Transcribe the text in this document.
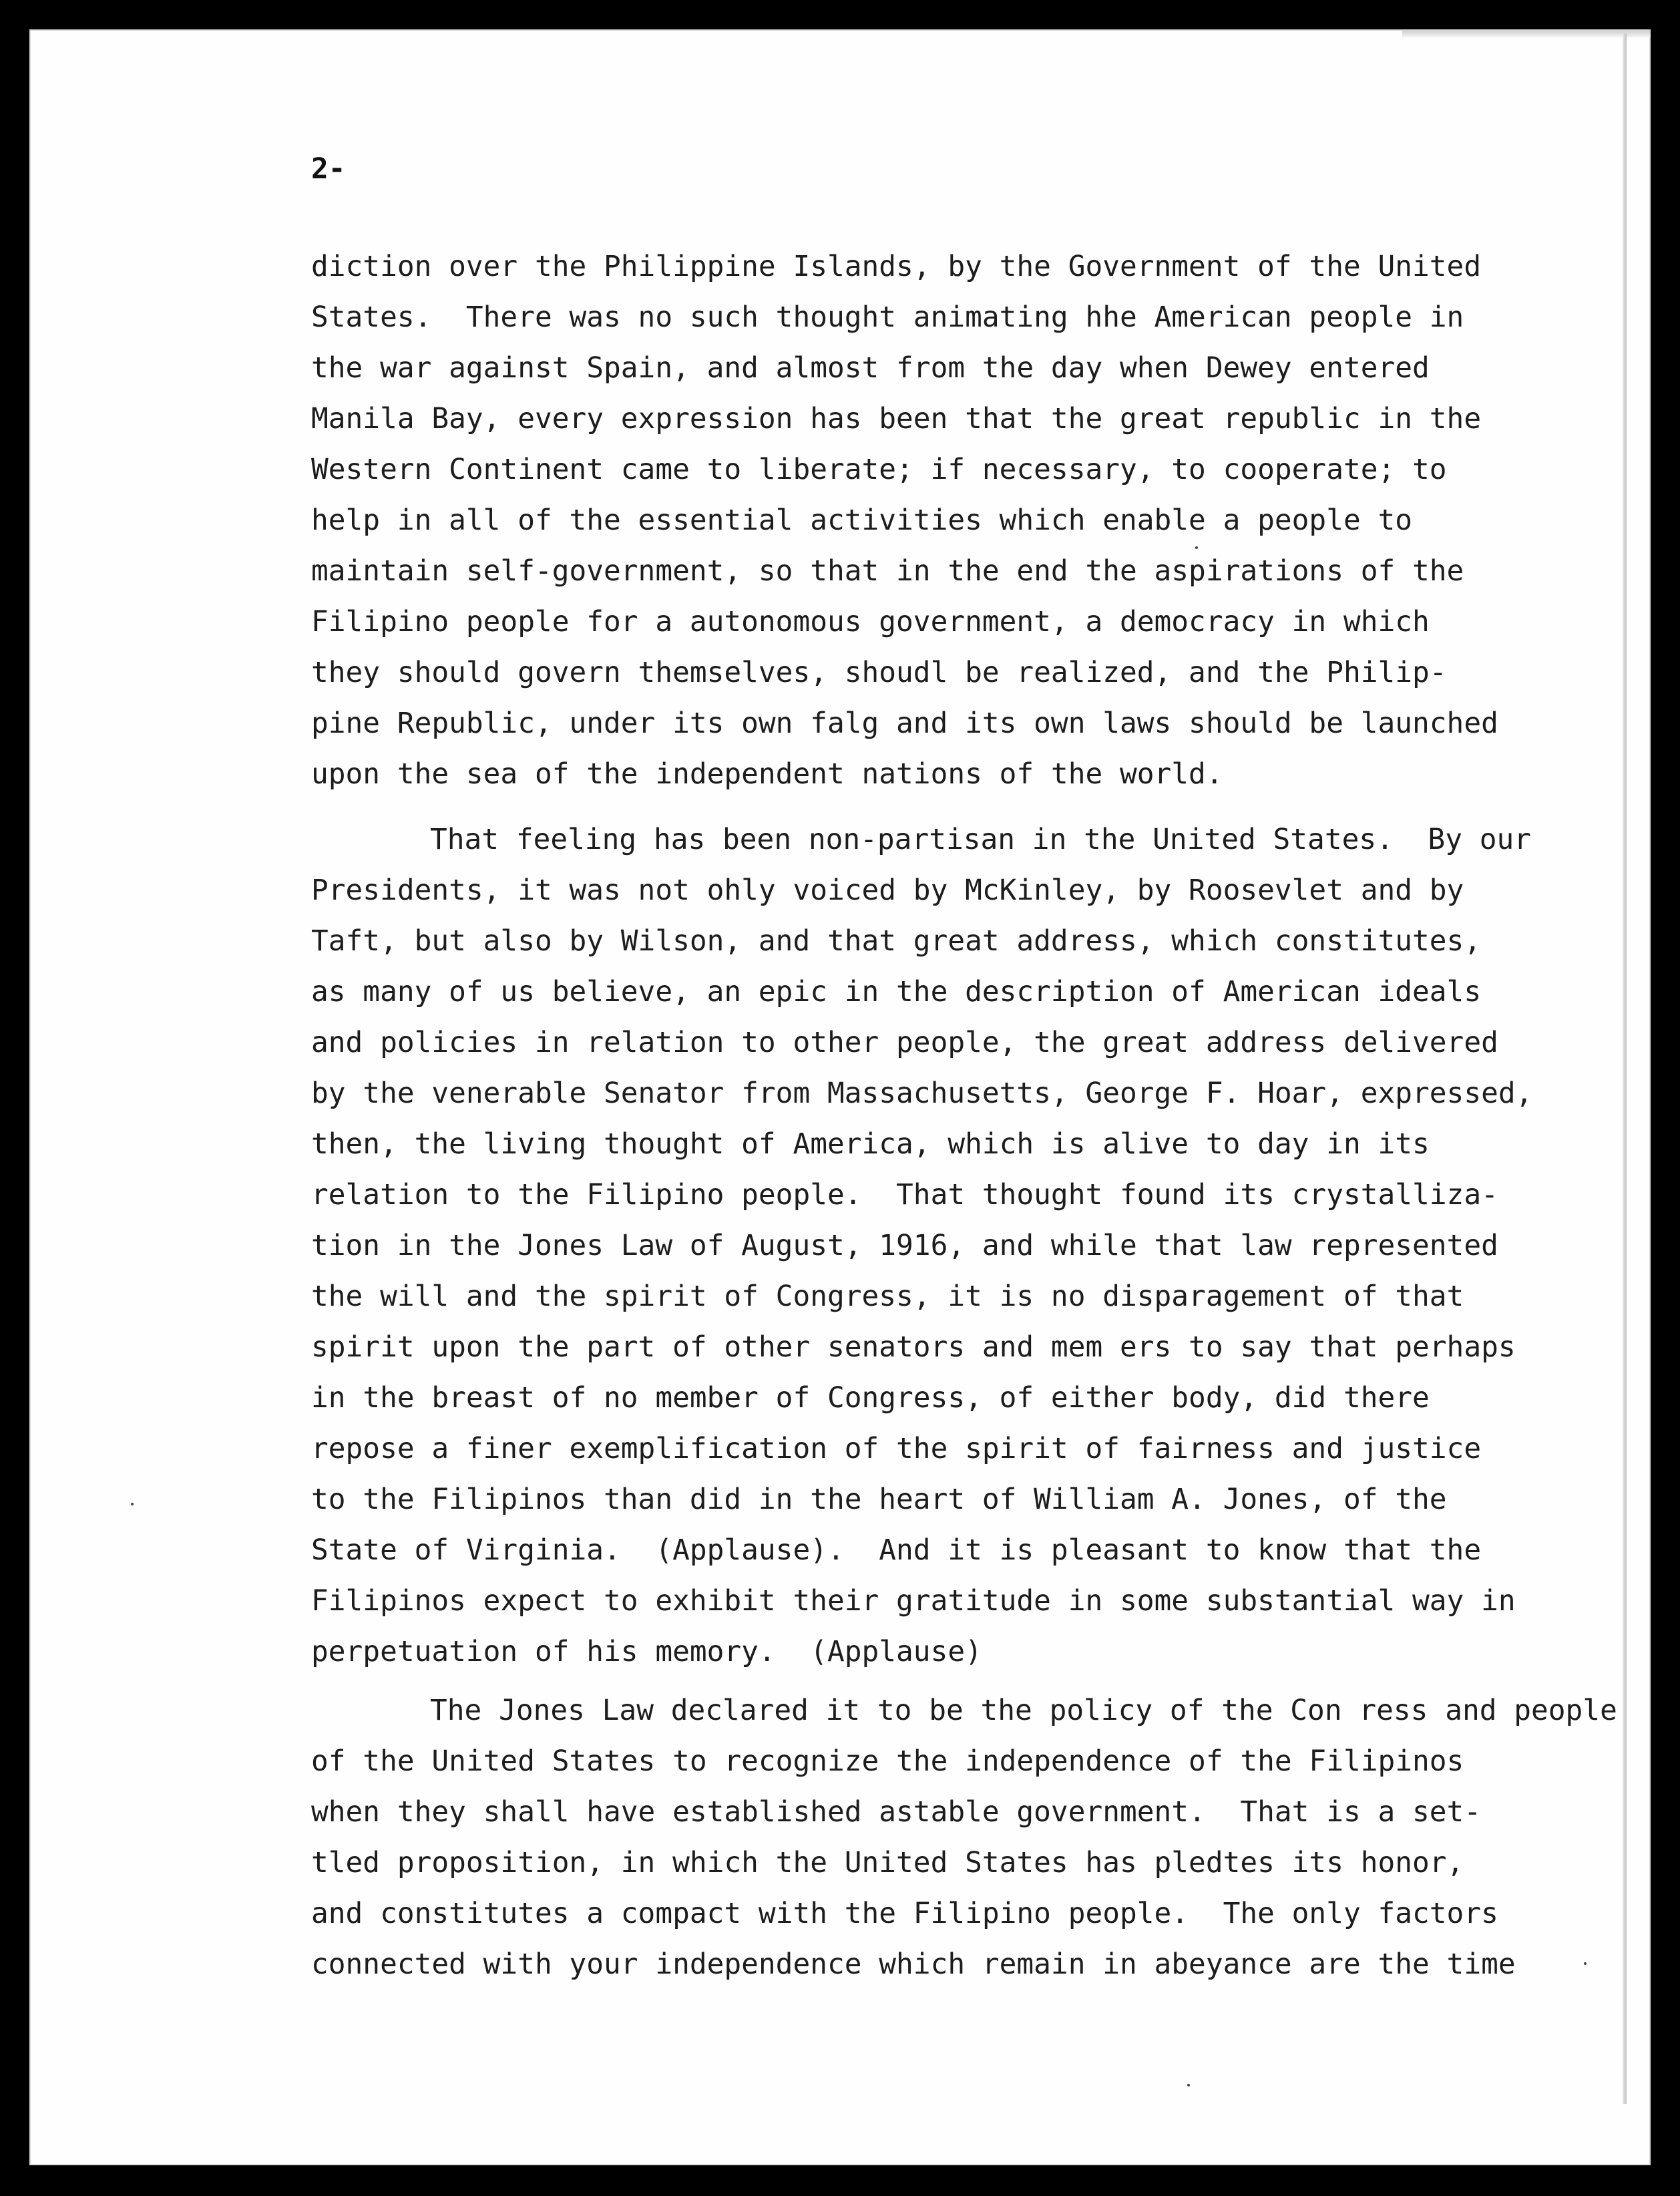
2-

diction over the Philippine Islands, by the Government of the United

States.  There was no such thought animating hhe American people in

the war against Spain, and almost from the day when Dewey entered

Manila Bay, every expression has been that the great republic in the

Western Continent came to liberate; if necessary, to cooperate; to

help in all of the essential activities which enable a people to

maintain self-government, so that in the end the aspirations of the

Filipino people for a autonomous government, a democracy in which

they should govern themselves, shoudl be realized, and the Philip-

pine Republic, under its own falg and its own laws should be launched

upon the sea of the independent nations of the world.

That feeling has been non-partisan in the United States.  By our

Presidents, it was not ohly voiced by McKinley, by Roosevlet and by

Taft, but also by Wilson, and that great address, which constitutes,

as many of us believe, an epic in the description of American ideals

and policies in relation to other people, the great address delivered

by the venerable Senator from Massachusetts, George F. Hoar, expressed,

then, the living thought of America, which is alive to day in its

relation to the Filipino people.  That thought found its crystalliza-

tion in the Jones Law of August, 1916, and while that law represented

the will and the spirit of Congress, it is no disparagement of that

spirit upon the part of other senators and mem ers to say that perhaps

in the breast of no member of Congress, of either body, did there

repose a finer exemplification of the spirit of fairness and justice

to the Filipinos than did in the heart of William A. Jones, of the

State of Virginia.  (Applause).  And it is pleasant to know that the

Filipinos expect to exhibit their gratitude in some substantial way in

perpetuation of his memory.  (Applause)

The Jones Law declared it to be the policy of the Con ress and people

of the United States to recognize the independence of the Filipinos

when they shall have established astable government.  That is a set-

tled proposition, in which the United States has pledtes its honor,

and constitutes a compact with the Filipino people.  The only factors

connected with your independence which remain in abeyance are the time
